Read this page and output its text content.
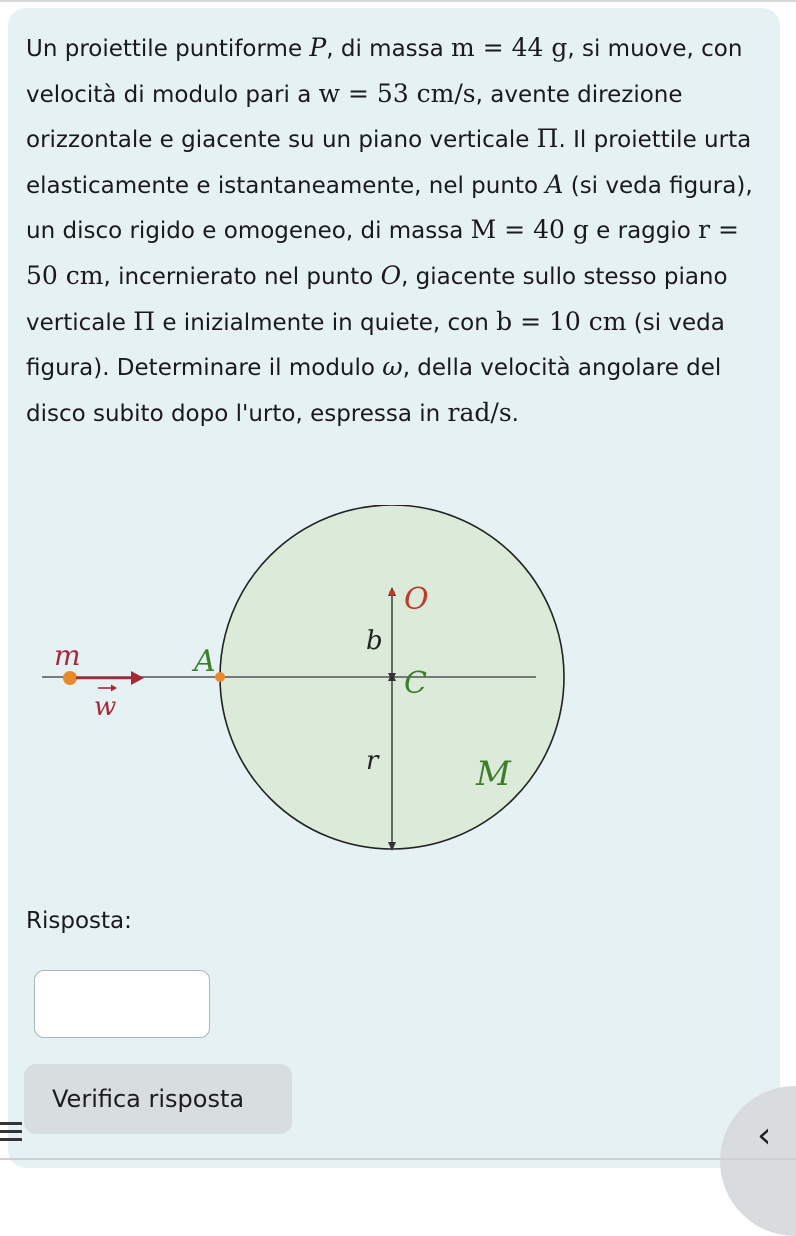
Un proiettile puntiforme P, di massa m = 44 g, si muove, con velocità di modulo pari a w = 53 cm/s, avente direzione orizzontale e giacente su un piano verticale Π. Il proiettile urta elasticamente e istantaneamente, nel punto A (si veda figura), un disco rigido e omogeneo, di massa M = 40 g e raggio r = 50 cm, incernierato nel punto O, giacente sullo stesso piano verticale Π e inizialmente in quiete, con b = 10 cm (si veda figura). Determinare il modulo ω, della velocità angolare del disco subito dopo l'urto, espressa in rad/s.

m
w
A
O
b
C
r	M

Risposta:

Verifica risposta
‹
